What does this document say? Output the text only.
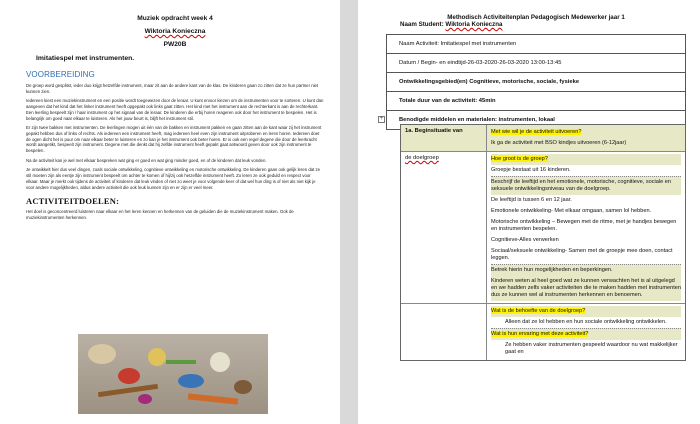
Muziek opdracht week 4
Wiktoria Konieczna
PW20B
Imitatiespel met instrumenten.
VOORBEREIDING

De groep word gesplitst, ieder duo krijgt hetzelfde instrument, maar zit aan de andere kant van de klas. De kinderen gaan zo zitten dat ze hun partner niet kunnen zien.

Iedereen kiest een muziekinstrument en een positie wordt toegewezen door de leraar. U kunt ervoor kiezen om de instrumenten voor te sorteren. U kunt dan aangeven dat het kind dat het linker instrument heeft opgepakt ook links gaat zitten. Het kind met het instrument aan de rechterkant is aan de rechterkant. Een leerling bespeelt zijn / haar instrument op het signaal van de leraar. De kinderen die erbij horen reageren ook door het instrument te bespelen. Het is belangrijk om goed naar elkaar te luisteren. Als het jouw beurt is, blijft het instrument stil.

Er zijn twee bakken met instrumenten. De leerlingen mogen uit één van de bakken en instrument pakken en gaan zitten aan de kant waar zij het instrument gepakt hebben dus of links of rechts. Als iedereen een instrument heeft, mag iedereen heel even zijn instrument uitproberen en leren horen. Iedereen doet de ogen dicht het is puur om naar elkaar beter te luisteren en zo kan je het instrument ook beter horen. Er is ook een regel degene die door de leerkracht wordt aangetikt, bespeelt zijn instrument. Degene met die denkt dat hij zelfde instrument heeft gepakt gaat antwoord geven door ook zijn instrument te bespelen.

Na de activiteit kan je wel met elkaar bespreken wat ging er goed en wat ging minder goed, en of de kinderen dat leuk vonden.

Je ontwikkelt hier dus veel dingen, zoals sociale ontwikkeling, cognitieve ontwikkeling en motorische ontwikkeling. De kinderen gaan ook gelijk leren dat ze stil moeten zijn als eentje zijn instrument bespeelt om achter te komen of hij/zij ook hetzelfde instrument heeft. Zo leren ze ook geduld en respect voor elkaar. Maar je merkt ook tijdens de activiteit of kinderen dat leuk vinden of niet zo weet je voor volgende keer of dat wel hun ding is of niet als niet kijk je voor andere mogelijkheden, aldus andere activiteit die ook leuk kunnen zijn en er zijn er veel meer.

ACTIVITEITDOELEN:

Het doel is geconcentreerd luisteren naar elkaar en het leren kennen en herkennen van de geluiden die de muziekinstrument maken. Ook de muziekinstrumenten herkennen.

Methodisch Activiteitenplan Pedagogisch Medewerker jaar 1
Naam Student: Wiktoria Konieczna
Naam Activiteit: Imitatiespel met instrumenten
Datum / Begin- en eindtijd-26-03-2020-26-03-2020 13:00-13:45
Ontwikkelingsgebied(en) Cognitieve, motorische, sociale, fysieke
Totale duur van de activiteit: 45min
Benodigde middelen en materialen: instrumenten, lokaal
+
1a. Beginsituatie van	Met wie wil je de activiteit uitvoeren?
Ik ga de activiteit met BSO kindjes uitvoeren (6-12jaar)
de doelgroep	Hoe groot is de groep?
Groepje bestaat uit 16 kinderen.
Beschrijf de leeftijd en het emotionele, motorische, cognitieve, sociale en seksuele ontwikkelingsniveau van de doelgroep.
De leeftijd is tussen 6 en 12 jaar.
Emotionele ontwikkeling- Met elkaar omgaan, samen lol hebben.
Motorische ontwikkeling – Bewegen met de ritme, met je handjes bewegen en instrumenten bespelen.
Cognitieve-Alles verwerken
Sociaal/seksuele ontwikkeling- Samen met de groepje mee doen, contact leggen.
Betrek hierin hun mogelijkheden en beperkingen.
Kinderen weten al heel goed wat ze kunnen verwachten het is al uitgelegd en we hadden zelfs vaker activiteiten die te maken hadden met instrumenten dus ze kunnen wel al instrumenten herkennen en benoemen.
Wat is de behoefte van de doelgroep?
Alleen dat ze lol hebben en hun sociale ontwikkeling ontwikkelen.
Wat is hun ervaring met deze activiteit?
Ze hebben vaker instrumenten gespeeld waardoor nu wat makkelijker gaat en
